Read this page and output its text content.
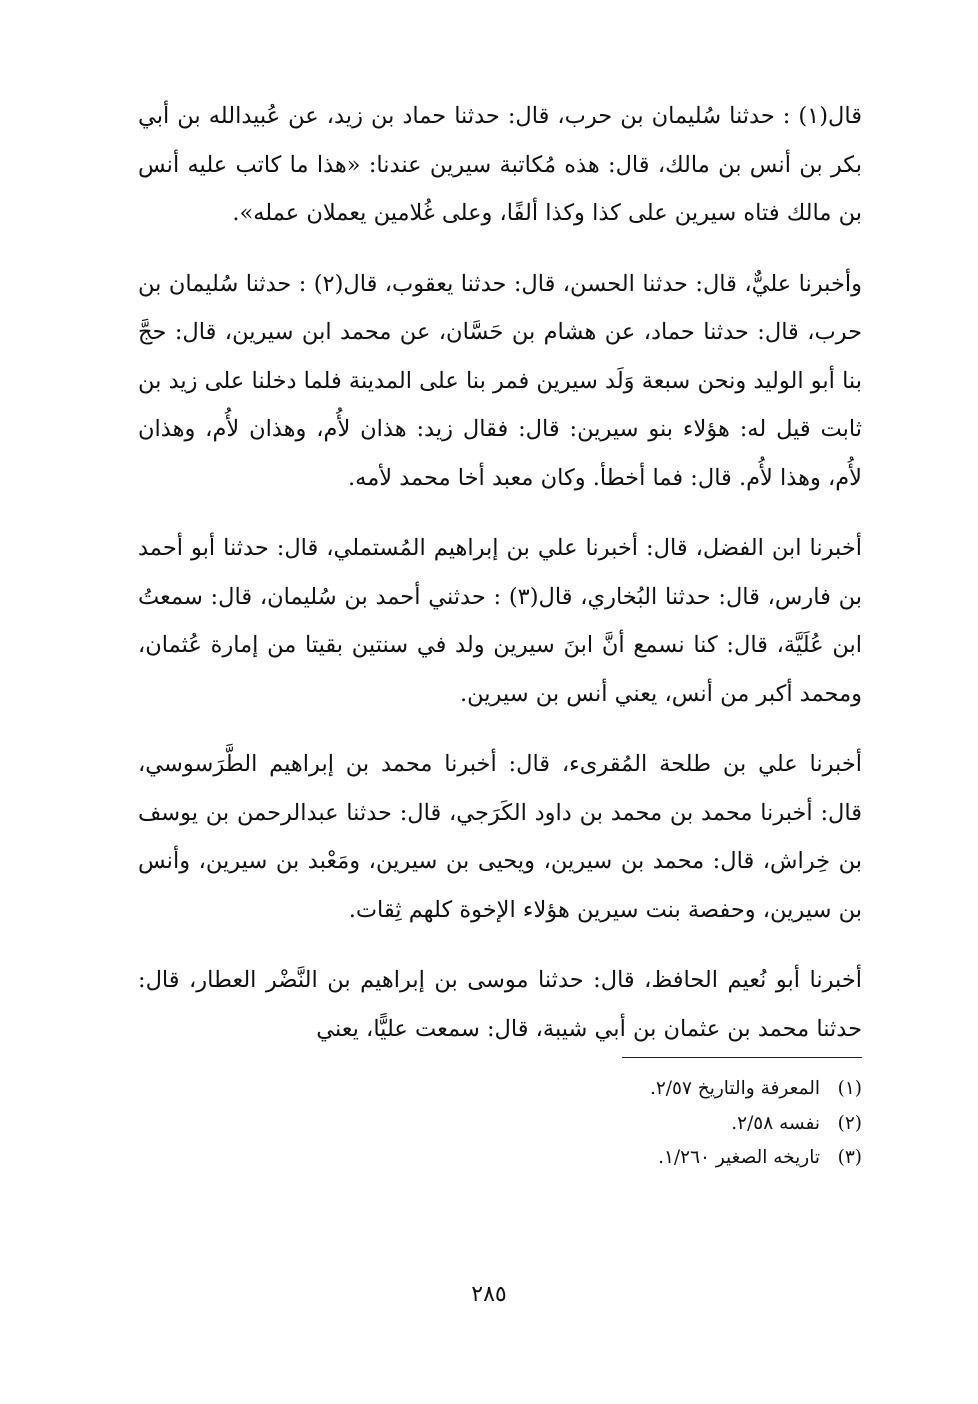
قال(١) : حدثنا سُليمان بن حرب، قال: حدثنا حماد بن زيد، عن عُبيدالله بن أبي بكر بن أنس بن مالك، قال: هذه مُكاتبة سيرين عندنا: «هذا ما كاتب عليه أنس بن مالك فتاه سيرين على كذا وكذا ألفًا، وعلى غُلامين يعملان عمله».

وأخبرنا عليٌّ، قال: حدثنا الحسن، قال: حدثنا يعقوب، قال(٢) : حدثنا سُليمان بن حرب، قال: حدثنا حماد، عن هشام بن حَسَّان، عن محمد ابن سيرين، قال: حجَّ بنا أبو الوليد ونحن سبعة وَلَد سيرين فمر بنا على المدينة فلما دخلنا على زيد بن ثابت قيل له: هؤلاء بنو سيرين: قال: فقال زيد: هذان لأُم، وهذان لأُم، وهذان لأُم، وهذا لأُم. قال: فما أخطأ. وكان معبد أخا محمد لأمه.

أخبرنا ابن الفضل، قال: أخبرنا علي بن إبراهيم المُستملي، قال: حدثنا أبو أحمد بن فارس، قال: حدثنا البُخاري، قال(٣) : حدثني أحمد بن سُليمان، قال: سمعتُ ابن عُلَيَّة، قال: كنا نسمع أنَّ ابنَ سيرين ولد في سنتين بقيتا من إمارة عُثمان، ومحمد أكبر من أنس، يعني أنس بن سيرين.

أخبرنا علي بن طلحة المُقرىء، قال: أخبرنا محمد بن إبراهيم الطَّرَسوسي، قال: أخبرنا محمد بن محمد بن داود الكَرَجي، قال: حدثنا عبدالرحمن بن يوسف بن خِراش، قال: محمد بن سيرين، ويحيى بن سيرين، ومَعْبد بن سيرين، وأنس بن سيرين، وحفصة بنت سيرين هؤلاء الإخوة كلهم ثِقات.

أخبرنا أبو نُعيم الحافظ، قال: حدثنا موسى بن إبراهيم بن النَّضْر العطار، قال: حدثنا محمد بن عثمان بن أبي شيبة، قال: سمعت عليًّا، يعني

(١)
المعرفة والتاريخ ٢/٥٧.
(٢)
نفسه ٢/٥٨.
(٣)
تاريخه الصغير ١/٢٦٠.
٢٨٥
